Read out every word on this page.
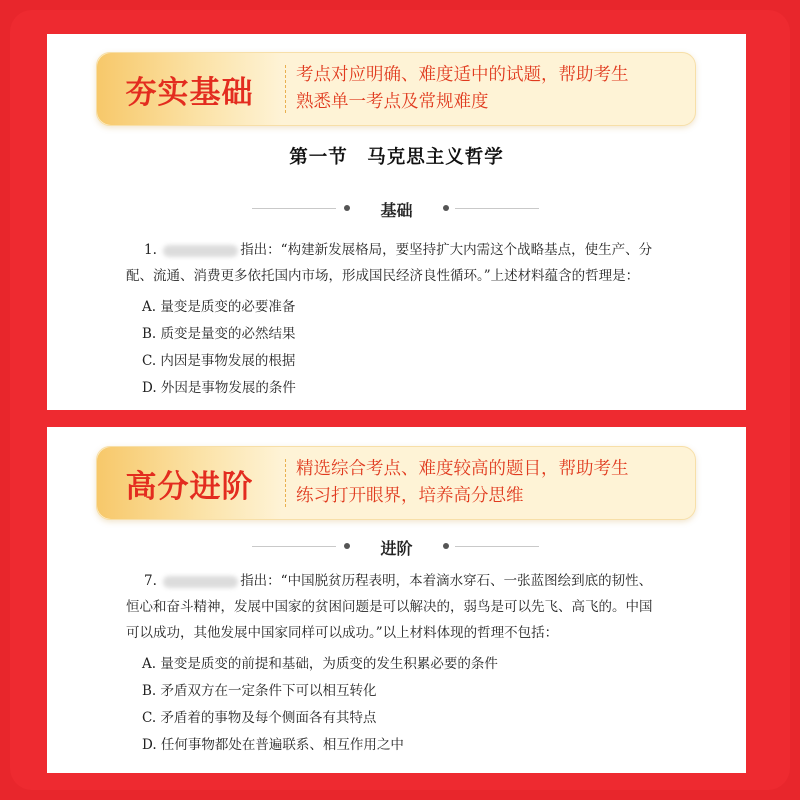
夯实基础 考点对应明确、难度适中的试题，帮助考生
熟悉单一考点及常规难度
第一节　马克思主义哲学
基础
1.	指出：“构建新发展格局，要坚持扩大内需这个战略基点，使生产、分
配、流通、消费更多依托国内市场，形成国民经济良性循环。”上述材料蕴含的哲理是：
A. 量变是质变的必要准备
B. 质变是量变的必然结果
C. 内因是事物发展的根据
D. 外因是事物发展的条件
高分进阶 精选综合考点、难度较高的题目，帮助考生
练习打开眼界，培养高分思维
进阶
7.	指出：“中国脱贫历程表明，本着滴水穿石、一张蓝图绘到底的韧性、
恒心和奋斗精神，发展中国家的贫困问题是可以解决的，弱鸟是可以先飞、高飞的。中国
可以成功，其他发展中国家同样可以成功。”以上材料体现的哲理不包括：
A. 量变是质变的前提和基础，为质变的发生积累必要的条件
B. 矛盾双方在一定条件下可以相互转化
C. 矛盾着的事物及每个侧面各有其特点
D. 任何事物都处在普遍联系、相互作用之中
